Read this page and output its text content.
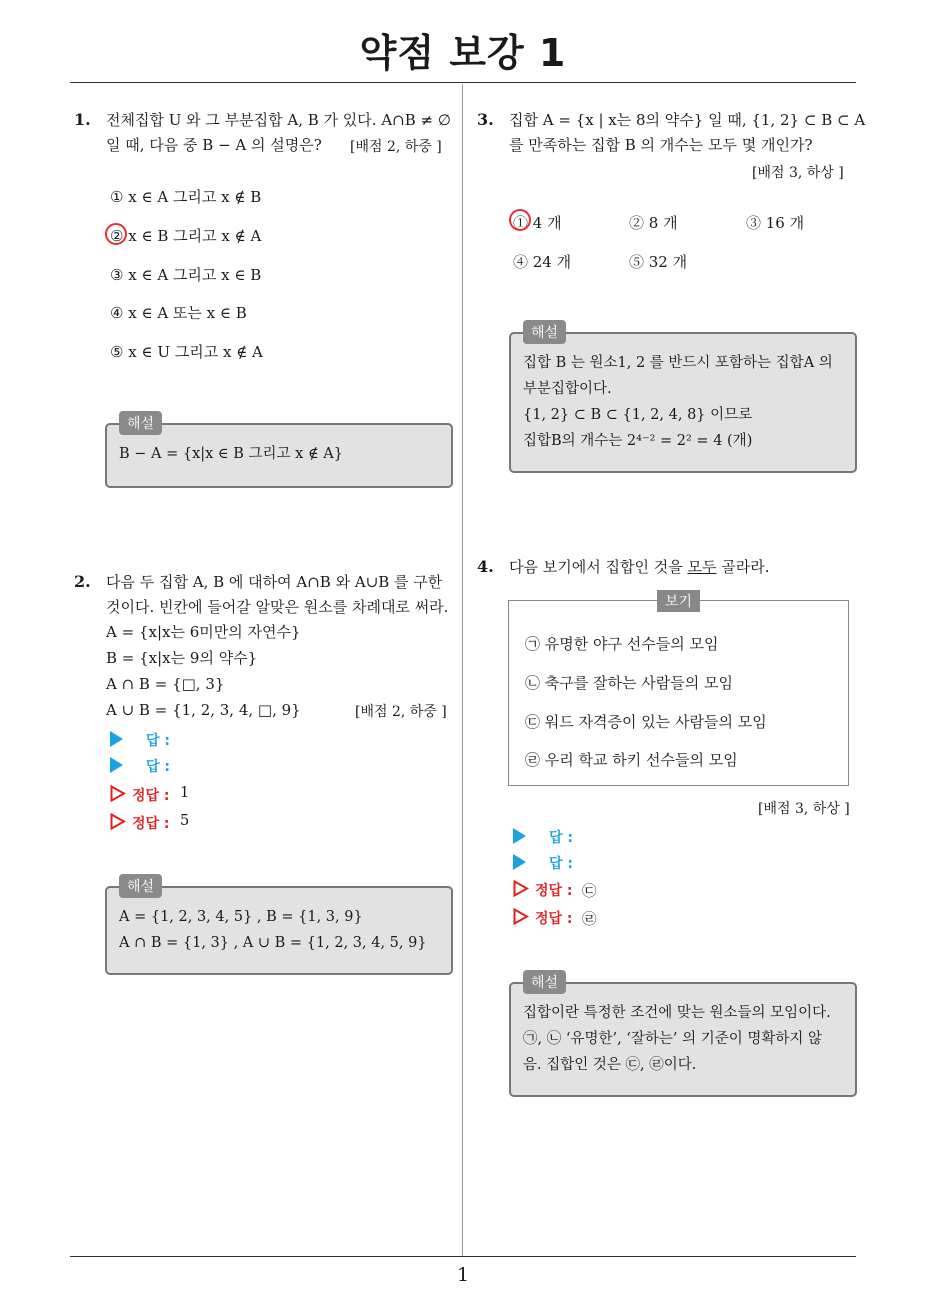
약점 보강 1
1. 전체집합 U 와 그 부분집합 A, B 가 있다. A∩B ≠ ∅
일 때, 다음 중 B − A 의 설명은? [배점 2, 하중 ]
① x ∈ A 그리고 x ∉ B
② x ∈ B 그리고 x ∉ A
③ x ∈ A 그리고 x ∈ B
④ x ∈ A 또는 x ∈ B
⑤ x ∈ U 그리고 x ∉ A
B − A = {x|x ∈ B 그리고 x ∉ A}
해설
2. 다음 두 집합 A, B 에 대하여 A∩B 와 A∪B 를 구한
것이다. 빈칸에 들어갈 알맞은 원소를 차례대로 써라.
A = {x|x는 6미만의 자연수}
B = {x|x는 9의 약수}
A ∩ B = {□, 3}
A ∪ B = {1, 2, 3, 4, □, 9}	[배점 2, 하중 ]
답 :
답 :
정답 : 1
정답 : 5
A = {1, 2, 3, 4, 5} , B = {1, 3, 9}
A ∩ B = {1, 3} , A ∪ B = {1, 2, 3, 4, 5, 9}
해설
3. 집합 A = {x | x는 8의 약수} 일 때, {1, 2} ⊂ B ⊂ A
를 만족하는 집합 B 의 개수는 모두 몇 개인가?
[배점 3, 하상 ]
① 4 개	② 8 개	③ 16 개
④ 24 개	⑤ 32 개
집합 B 는 원소1, 2 를 반드시 포함하는 집합A 의
부분집합이다.
{1, 2} ⊂ B ⊂ {1, 2, 4, 8} 이므로
집합B의 개수는 2⁴⁻² = 2² = 4 (개)
해설
4. 다음 보기에서 집합인 것을 모두 골라라.
㉠ 유명한 야구 선수들의 모임
㉡ 축구를 잘하는 사람들의 모임
㉢ 워드 자격증이 있는 사람들의 모임
㉣ 우리 학교 하키 선수들의 모임
보기
[배점 3, 하상 ]
답 :
답 :
정답 : ㉢
정답 : ㉣
집합이란 특정한 조건에 맞는 원소들의 모임이다.
㉠, ㉡ ‘유명한’, ‘잘하는’ 의 기준이 명확하지 않
음. 집합인 것은 ㉢, ㉣이다.
해설
1
